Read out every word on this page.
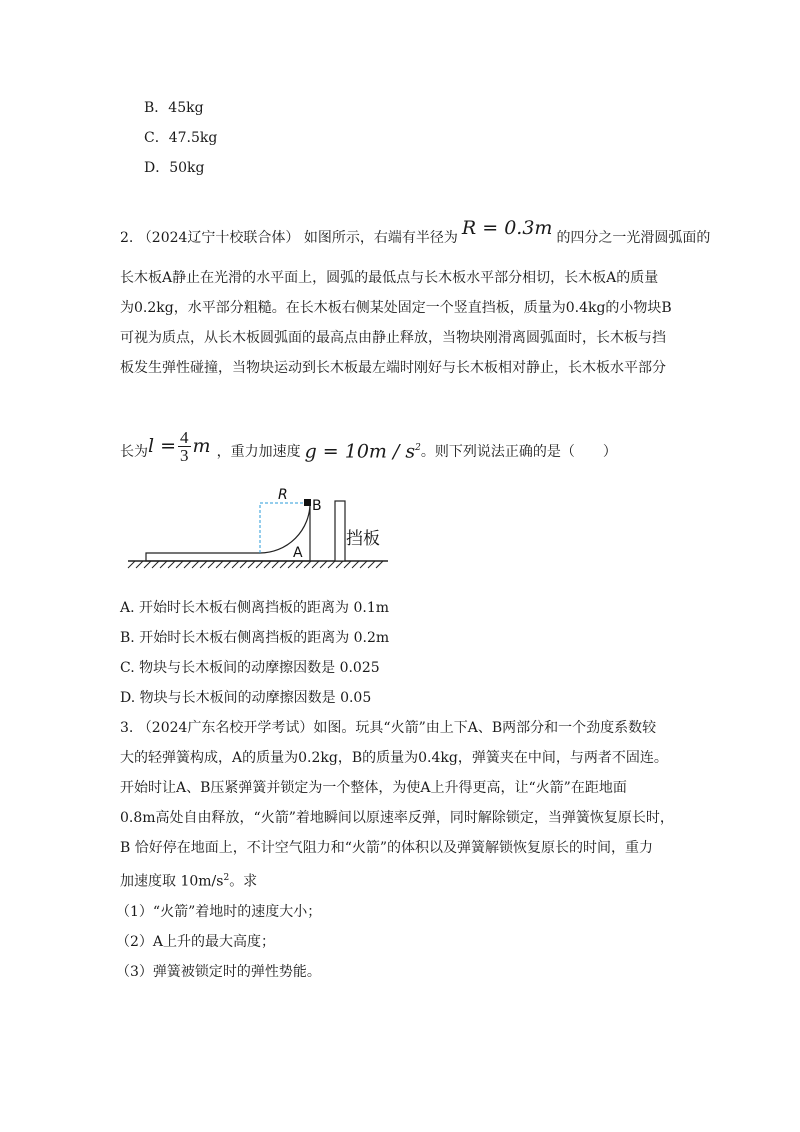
B．45kg
C．47.5kg
D．50kg
2. （2024辽宁十校联合体） 如图所示，右端有半径为 R = 0.3m 的四分之一光滑圆弧面的
长木板A静止在光滑的水平面上，圆弧的最低点与长木板水平部分相切，长木板A的质量
为0.2kg，水平部分粗糙。在长木板右侧某处固定一个竖直挡板，质量为0.4kg的小物块B
可视为质点，从长木板圆弧面的最高点由静止释放，当物块刚滑离圆弧面时，长木板与挡
板发生弹性碰撞，当物块运动到长木板最左端时刚好与长木板相对静止，长木板水平部分
长为 $l = \frac{4}{3}$ m ，重力加速度 $g = 10m / s^2$ 。则下列说法正确的是（　　）
R
B
A
挡板
A. 开始时长木板右侧离挡板的距离为 0.1m
B. 开始时长木板右侧离挡板的距离为 0.2m
C. 物块与长木板间的动摩擦因数是 0.025
D. 物块与长木板间的动摩擦因数是 0.05
3. （2024广东名校开学考试）如图。玩具“火箭”由上下A、B两部分和一个劲度系数较
大的轻弹簧构成，A的质量为0.2kg，B的质量为0.4kg，弹簧夹在中间，与两者不固连。
开始时让A、B压紧弹簧并锁定为一个整体，为使A上升得更高，让“火箭”在距地面
0.8m高处自由释放，“火箭”着地瞬间以原速率反弹，同时解除锁定，当弹簧恢复原长时，
B 恰好停在地面上，不计空气阻力和“火箭”的体积以及弹簧解锁恢复原长的时间，重力
加速度取 $10m/s^2$。求
（1）“火箭”着地时的速度大小；
（2）A上升的最大高度；
（3）弹簧被锁定时的弹性势能。
